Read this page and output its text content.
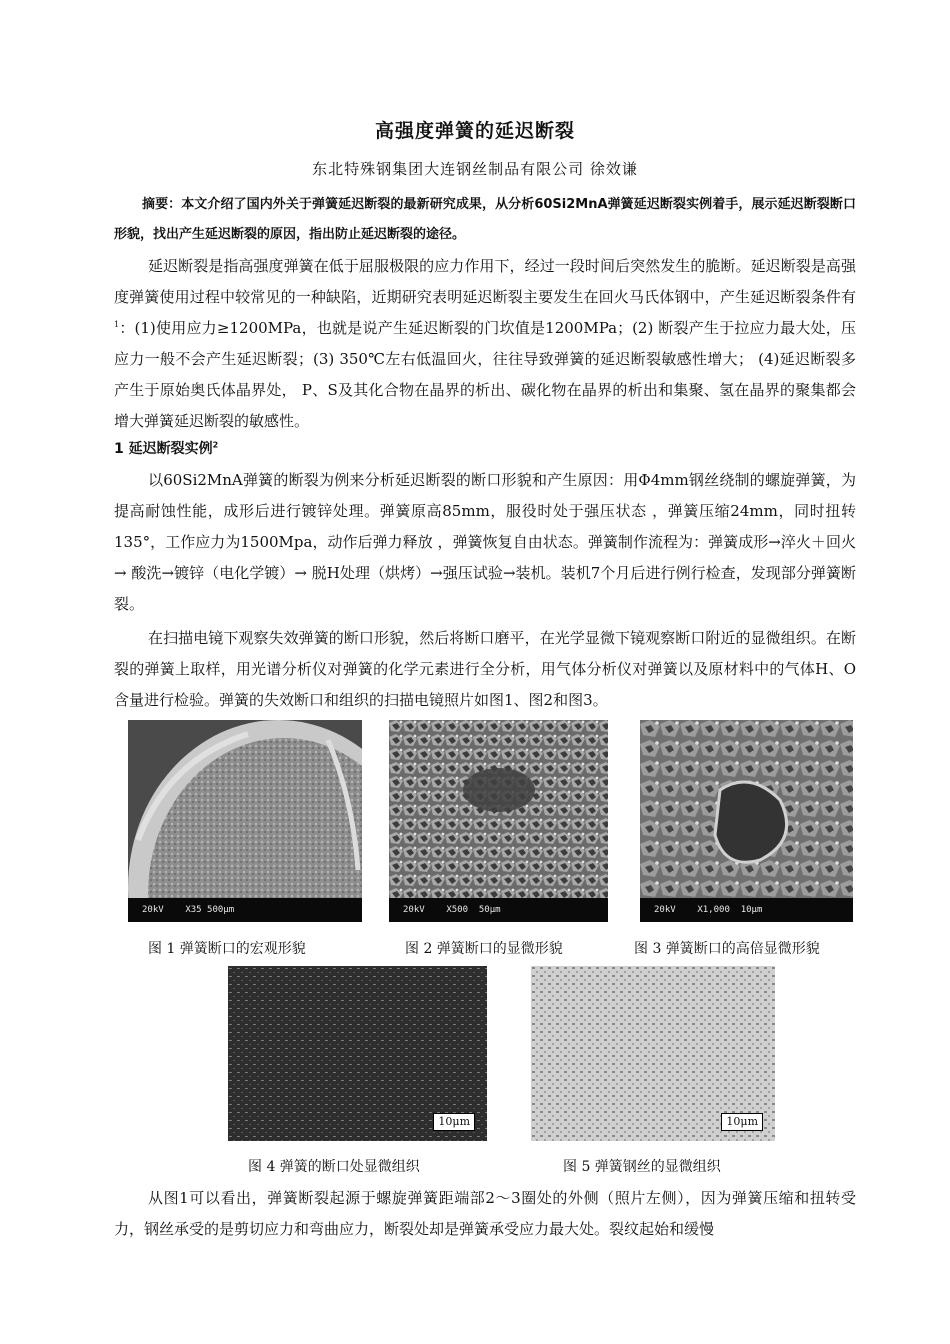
高强度弹簧的延迟断裂
东北特殊钢集团大连钢丝制品有限公司 徐效谦
摘要：本文介绍了国内外关于弹簧延迟断裂的最新研究成果，从分析60Si2MnA弹簧延迟断裂实例着手，展示延迟断裂断口形貌，找出产生延迟断裂的原因，指出防止延迟断裂的途径。
延迟断裂是指高强度弹簧在低于屈服极限的应力作用下，经过一段时间后突然发生的脆断。延迟断裂是高强度弹簧使用过程中较常见的一种缺陷，近期研究表明延迟断裂主要发生在回火马氏体钢中，产生延迟断裂条件有$^1$：(1)使用应力≥1200MPa，也就是说产生延迟断裂的门坎值是1200MPa；(2) 断裂产生于拉应力最大处，压应力一般不会产生延迟断裂；(3) 350℃左右低温回火，往往导致弹簧的延迟断裂敏感性增大； (4)延迟断裂多产生于原始奥氏体晶界处， P、S及其化合物在晶界的析出、碳化物在晶界的析出和集聚、氢在晶界的聚集都会增大弹簧延迟断裂的敏感性。
1 延迟断裂实例$^2$
以60Si2MnA弹簧的断裂为例来分析延迟断裂的断口形貌和产生原因：用Φ4mm钢丝绕制的螺旋弹簧，为提高耐蚀性能，成形后进行镀锌处理。弹簧原高85mm，服役时处于强压状态 ，弹簧压缩24mm，同时扭转135°，工作应力为1500Mpa，动作后弹力释放 ，弹簧恢复自由状态。弹簧制作流程为：弹簧成形→淬火＋回火→ 酸洗→镀锌（电化学镀）→ 脱H处理（烘烤）→强压试验→装机。装机7个月后进行例行检查，发现部分弹簧断裂。
在扫描电镜下观察失效弹簧的断口形貌，然后将断口磨平，在光学显微下镜观察断口附近的显微组织。在断裂的弹簧上取样，用光谱分析仪对弹簧的化学元素进行全分析，用气体分析仪对弹簧以及原材料中的气体H、O含量进行检验。弹簧的失效断口和组织的扫描电镜照片如图1、图2和图3。
20kV    X35 500μm	20kV    X500  50μm	20kV    X1,000  10μm
图 1 弹簧断口的宏观形貌	图 2 弹簧断口的显微形貌	图 3 弹簧断口的高倍显微形貌
10μm	10μm
图 4 弹簧的断口处显微组织	图 5 弹簧钢丝的显微组织
从图1可以看出，弹簧断裂起源于螺旋弹簧距端部2～3圈处的外侧（照片左侧），因为弹簧压缩和扭转受力，钢丝承受的是剪切应力和弯曲应力，断裂处却是弹簧承受应力最大处。裂纹起始和缓慢
